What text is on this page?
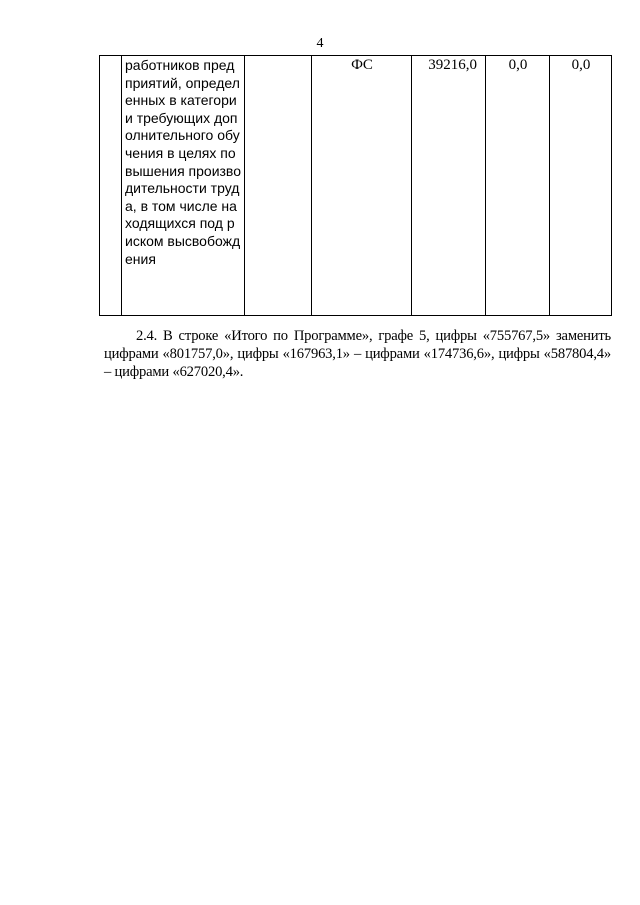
4
	работников предприятий, определенных в категории требующих дополнительного обучения в целях повышения производительности труда, в том числе находящихся под риском высвобождения		ФС	39216,0	0,0	0,0

2.4. В строке «Итого по Программе», графе 5, цифры «755767,5» заменить цифрами «801757,0», цифры «167963,1» – цифрами «174736,6», цифры «587804,4» – цифрами «627020,4».
